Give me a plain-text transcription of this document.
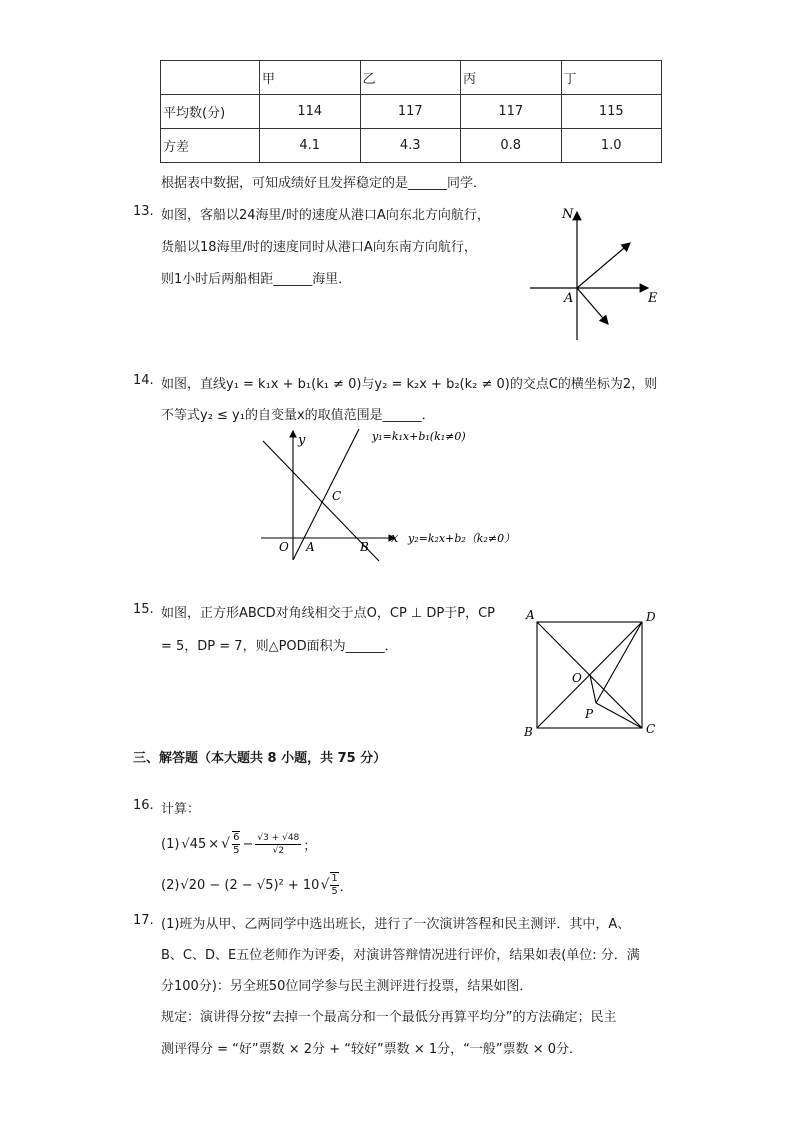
	甲	乙	丙	丁
平均数(分)	114	117	117	115
方差	4.1	4.3	0.8	1.0
根据表中数据，可知成绩好且发挥稳定的是______同学．
13. 如图，客船以24海里/时的速度从港口A向东北方向航行，
货船以18海里/时的速度同时从港口A向东南方向航行，
则1小时后两船相距______海里．
N
A	E
14. 如图，直线y₁ = k₁x + b₁(k₁ ≠ 0)与y₂ = k₂x + b₂(k₂ ≠ 0)的交点C的横坐标为2，则
不等式y₂ ≤ y₁的自变量x的取值范围是______．
y
x
O A	B
C
y₁=k₁x+b₁(k₁≠0)
y₂=k₂x+b₂（k₂≠0）
15. 如图，正方形ABCD对角线相交于点O，CP ⊥ DP于P，CP
= 5，DP = 7，则△POD面积为______．
A
B	C
D
O
P
三、解答题（本大题共 8 小题，共 75 分）
16. 计算：
(1) √45 × √ $\frac{6}{5} - \frac{√3 + √48}{√2}$ ；
(2) √20 − (2 − √5)² + 10 √ $\frac{1}{5}$ ．
17. (1)班为从甲、乙两同学中选出班长，进行了一次演讲答程和民主测评．其中，A、
B、C、D、E五位老师作为评委，对演讲答辩情况进行评价，结果如表(单位: 分．满
分100分)：另全班50位同学参与民主测评进行投票，结果如图．
规定：演讲得分按“去掉一个最高分和一个最低分再算平均分”的方法确定；民主
测评得分 = “好”票数 × 2分 + “较好”票数 × 1分，“一般”票数 × 0分．
